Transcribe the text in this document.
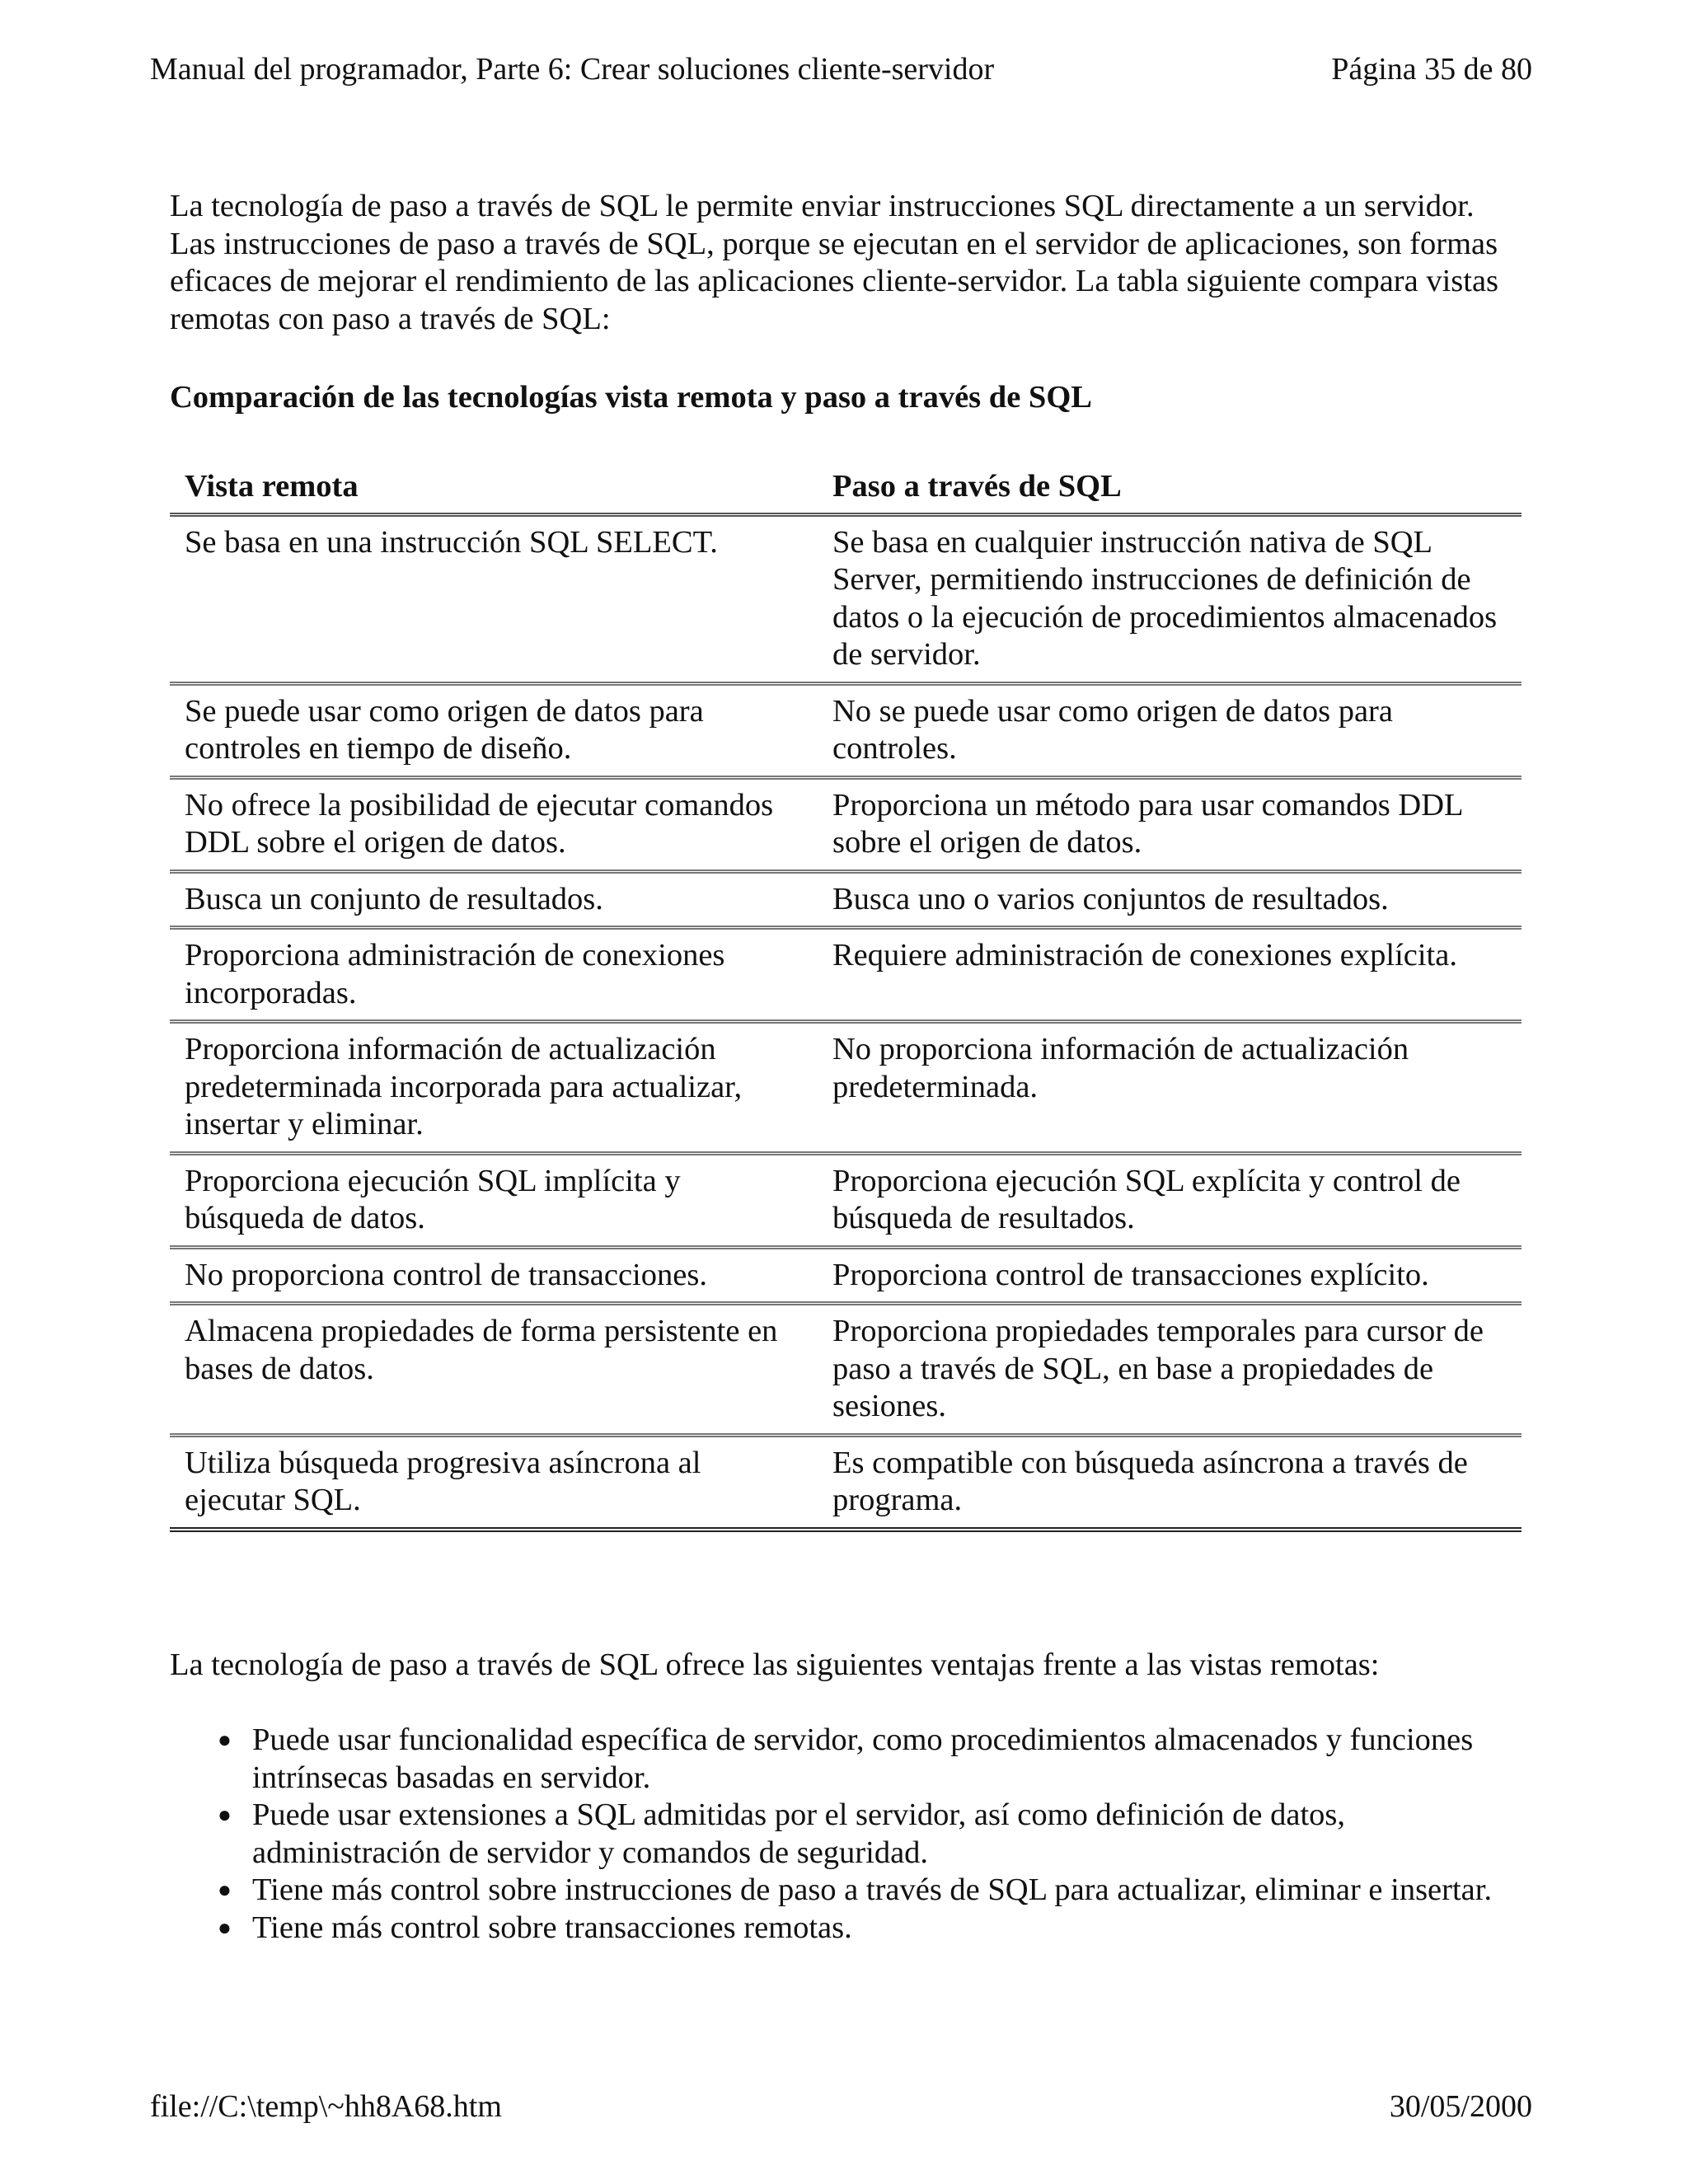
Manual del programador, Parte 6: Crear soluciones cliente-servidor	Página 35 de 80

La tecnología de paso a través de SQL le permite enviar instrucciones SQL directamente a un servidor. Las instrucciones de paso a través de SQL, porque se ejecutan en el servidor de aplicaciones, son formas eficaces de mejorar el rendimiento de las aplicaciones cliente-servidor. La tabla siguiente compara vistas remotas con paso a través de SQL:

Comparación de las tecnologías vista remota y paso a través de SQL

Vista remota	Paso a través de SQL
Se basa en una instrucción SQL SELECT.	Se basa en cualquier instrucción nativa de SQL Server, permitiendo instrucciones de definición de datos o la ejecución de procedimientos almacenados de servidor.
Se puede usar como origen de datos para controles en tiempo de diseño.	No se puede usar como origen de datos para controles.
No ofrece la posibilidad de ejecutar comandos DDL sobre el origen de datos.	Proporciona un método para usar comandos DDL sobre el origen de datos.
Busca un conjunto de resultados.	Busca uno o varios conjuntos de resultados.
Proporciona administración de conexiones incorporadas.	Requiere administración de conexiones explícita.
Proporciona información de actualización predeterminada incorporada para actualizar, insertar y eliminar.	No proporciona información de actualización predeterminada.
Proporciona ejecución SQL implícita y búsqueda de datos.	Proporciona ejecución SQL explícita y control de búsqueda de resultados.
No proporciona control de transacciones.	Proporciona control de transacciones explícito.
Almacena propiedades de forma persistente en bases de datos.	Proporciona propiedades temporales para cursor de paso a través de SQL, en base a propiedades de sesiones.
Utiliza búsqueda progresiva asíncrona al ejecutar SQL.	Es compatible con búsqueda asíncrona a través de programa.

La tecnología de paso a través de SQL ofrece las siguientes ventajas frente a las vistas remotas:

● Puede usar funcionalidad específica de servidor, como procedimientos almacenados y funciones intrínsecas basadas en servidor.
● Puede usar extensiones a SQL admitidas por el servidor, así como definición de datos, administración de servidor y comandos de seguridad.
● Tiene más control sobre instrucciones de paso a través de SQL para actualizar, eliminar e insertar.
● Tiene más control sobre transacciones remotas.
file://C:\temp\~hh8A68.htm	30/05/2000
